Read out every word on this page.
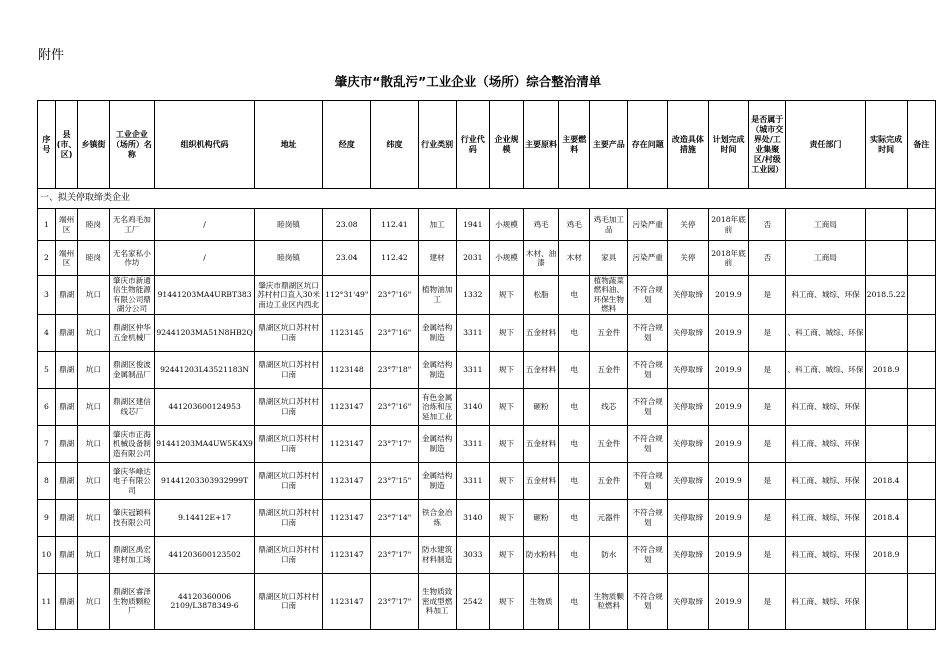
附件
肇庆市“散乱污”工业企业（场所）综合整治清单
序号	县(市、区)	乡镇街	工业企业（场所）名称	组织机构代码	地址	经度	纬度	行业类别	行业代码	企业规模	主要原料	主要燃料	主要产品	存在问题	改造具体措施	计划完成时间	是否属于（城市交界处/工业集聚区/村级工业园）	责任部门	实际完成时间	备注
一、拟关停取缔类企业																				
1	端州区	睦岗	无名鸡毛加工厂	/	睦岗镇	23.08	112.41	加工	1941	小规模	鸡毛	鸡毛	鸡毛加工品	污染严重	关停	2018年底前	否	工商局		
2	端州区	睦岗	无名家私小作坊	/	睦岗镇	23.04	112.42	建材	2031	小规模	木材、油漆	木材	家具	污染严重	关停	2018年底前	否	工商局		
3	鼎湖	坑口	肇庆市新通信生物能源有限公司鼎湖分公司	91441203MA4URBT383	肇庆市鼎湖区坑口苏村村口直入30米南边工业区内西北	112°31'49"	23°7'16"	植物油加工	1332	规下	松脂	电	植物蔬菜燃料油、环保生物燃料	不符合规划	关停取缔	2019.9	是	科工商、城综、环保	2018.5.22	
4	鼎湖	坑口	鼎湖区仲华五金机械厂	92441203MA51N8HB2Q	鼎湖区坑口苏村村口南	1123145	23°7'16"	金属结构制造	3311	规下	五金材料	电	五金件	不符合规划	关停取缔	2019.9	是	、科工商、城综、环保		
5	鼎湖	坑口	鼎湖区俊波金属制品厂	92441203L43521183N	鼎湖区坑口苏村村口南	1123148	23°7'18"	金属结构制造	3311	规下	五金材料	电	五金件	不符合规划	关停取缔	2019.9	是	、科工商、城综、环保	2018.9	
6	鼎湖	坑口	鼎湖区建信线芯厂	441203600124953	鼎湖区坑口苏村村口南	1123147	23°7'16"	有色金属冶炼和压延加工业	3140	规下	砸粉	电	线芯	不符合规划	关停取缔	2019.9	是	科工商、城综、环保		
7	鼎湖	坑口	肇庆市正海机械设备制造有限公司	91441203MA4UW5K4X9	鼎湖区坑口苏村村口南	1123147	23°7'17"	金属结构制造	3311	规下	五金材料	电	五金件	不符合规划	关停取缔	2019.9	是	科工商、城综、环保		
8	鼎湖	坑口	肇庆华峰达电子有限公司	91441203303932999T	鼎湖区坑口苏村村口南	1123147	23°7'15"	金属结构制造	3311	规下	五金材料	电	五金件	不符合规划	关停取缔	2019.9	是	科工商、城综、环保	2018.4	
9	鼎湖	坑口	肇庆冠颖科技有限公司	9.14412E+17	鼎湖区坑口苏村村口南	1123147	23°7'14"	铁合金冶炼	3140	规下	砸粉	电	元器件	不符合规划	关停取缔	2019.9	是	科工商、城综、环保	2018.4	
10	鼎湖	坑口	鼎湖区禹宏建材加工场	441203600123502	鼎湖区坑口苏村村口南	1123147	23°7'17"	防水建筑材料制造	3033	规下	防水粉料	电	防水	不符合规划	关停取缔	2019.9	是	科工商、城综、环保	2018.9	
11	鼎湖	坑口	鼎湖区睿泽生物质颗粒厂	44120360006 2109/L3878349-6	鼎湖区坑口苏村村口南	1123147	23°7'17"	生物质致密成型燃料加工	2542	规下	生物质	电	生物质颗粒燃料	不符合规划	关停取缔	2019.9	是	科工商、城综、环保		
